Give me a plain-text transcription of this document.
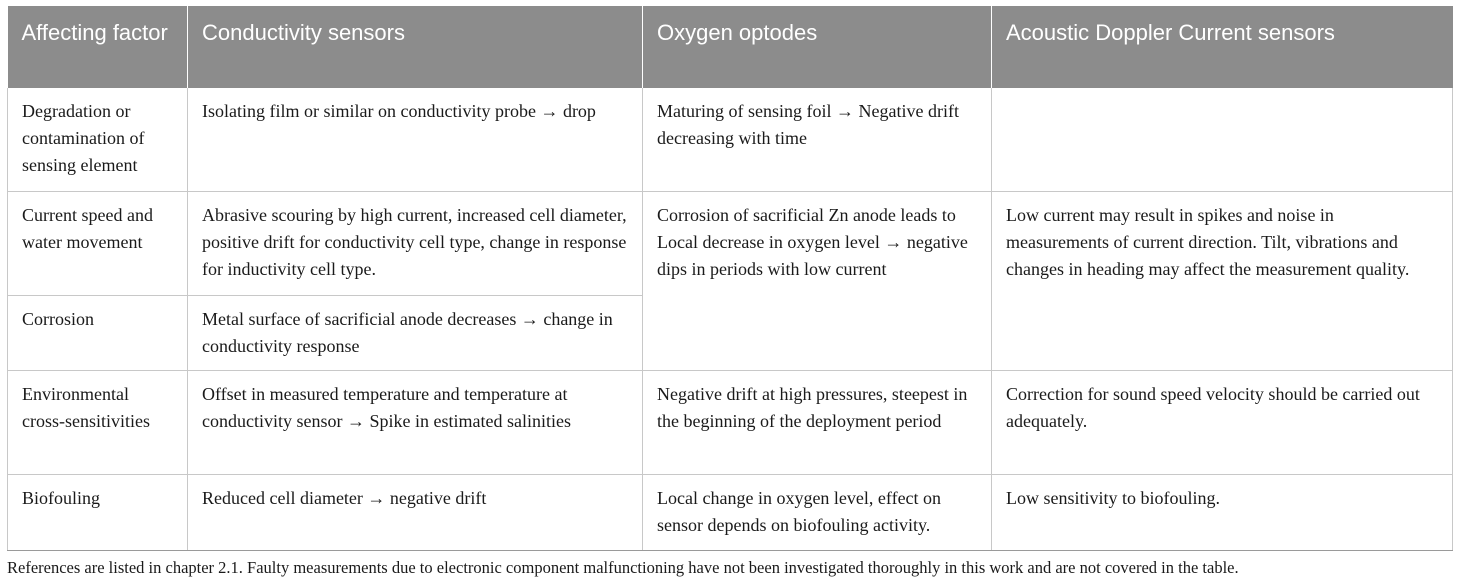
Affecting factor	Conductivity sensors	Oxygen optodes	Acoustic Doppler Current sensors
Degradation or contamination of sensing element	Isolating film or similar on conductivity probe → drop	Maturing of sensing foil → Negative drift decreasing with time	
Current speed and water movement	Abrasive scouring by high current, increased cell diameter, positive drift for conductivity cell type, change in response for inductivity cell type.	Corrosion of sacrificial Zn anode leads to Local decrease in oxygen level → negative dips in periods with low current	Low current may result in spikes and noise in measurements of current direction. Tilt, vibrations and changes in heading may affect the measurement quality.
Corrosion	Metal surface of sacrificial anode decreases → change in conductivity response		
Environmental cross-sensitivities	Offset in measured temperature and temperature at conductivity sensor → Spike in estimated salinities	Negative drift at high pressures, steepest in the beginning of the deployment period	Correction for sound speed velocity should be carried out adequately.
Biofouling	Reduced cell diameter → negative drift	Local change in oxygen level, effect on sensor depends on biofouling activity.	Low sensitivity to biofouling.
References are listed in chapter 2.1. Faulty measurements due to electronic component malfunctioning have not been investigated thoroughly in this work and are not covered in the table.
